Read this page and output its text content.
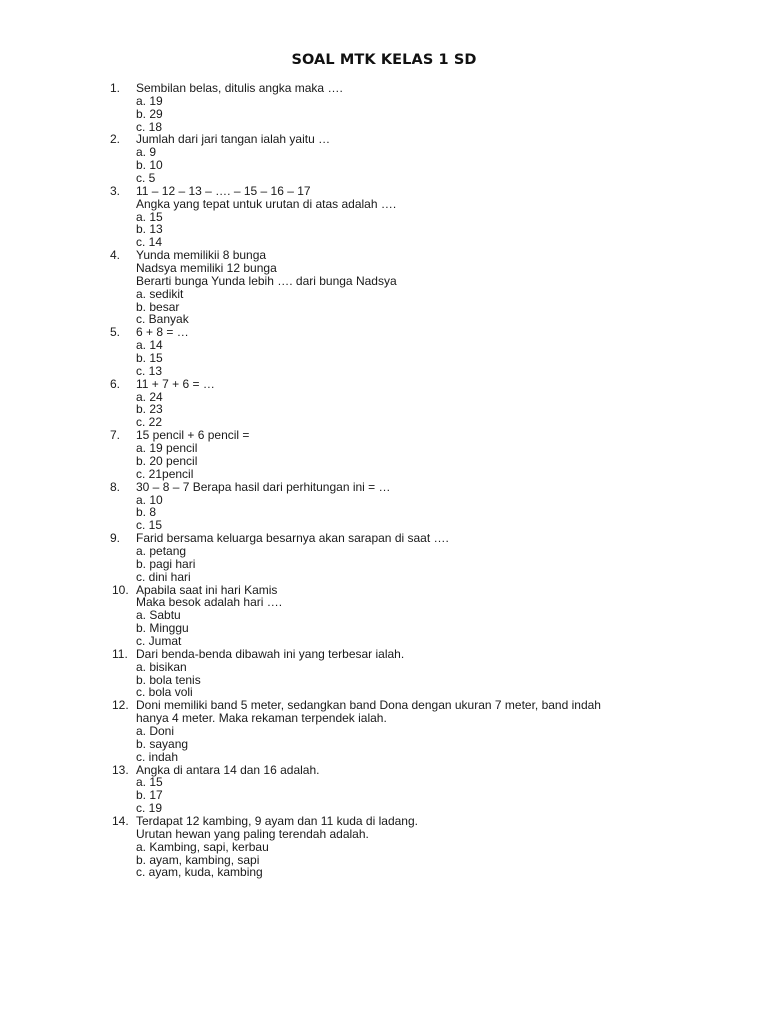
SOAL MTK KELAS 1 SD
1.	Sembilan belas, ditulis angka maka ….
a. 19
b. 29
c. 18
2.	Jumlah dari jari tangan ialah yaitu …
a. 9
b. 10
c. 5
3.	11 – 12 – 13 – …. – 15 – 16 – 17
Angka yang tepat untuk urutan di atas adalah ….
a. 15
b. 13
c. 14
4.	Yunda memilikii 8 bunga
Nadsya memiliki 12 bunga
Berarti bunga Yunda lebih …. dari bunga Nadsya
a. sedikit
b. besar
c. Banyak
5.	6 + 8 = …
a. 14
b. 15
c. 13
6.	11 + 7 + 6 = …
a. 24
b. 23
c. 22
7.	15 pencil + 6 pencil =
a. 19 pencil
b. 20 pencil
c. 21pencil
8.	30 – 8 – 7 Berapa hasil dari perhitungan ini = …
a. 10
b. 8
c. 15
9.	Farid bersama keluarga besarnya akan sarapan di saat ….
a. petang
b. pagi hari
c. dini hari
10. Apabila saat ini hari Kamis
Maka besok adalah hari ….
a. Sabtu
b. Minggu
c. Jumat
11. Dari benda-benda dibawah ini yang terbesar ialah.
a. bisikan
b. bola tenis
c. bola voli
12. Doni memiliki band 5 meter, sedangkan band Dona dengan ukuran 7 meter, band indah
hanya 4 meter. Maka rekaman terpendek ialah.
a. Doni
b. sayang
c. indah
13. Angka di antara 14 dan 16 adalah.
a. 15
b. 17
c. 19
14. Terdapat 12 kambing, 9 ayam dan 11 kuda di ladang.
Urutan hewan yang paling terendah adalah.
a. Kambing, sapi, kerbau
b. ayam, kambing, sapi
c. ayam, kuda, kambing
